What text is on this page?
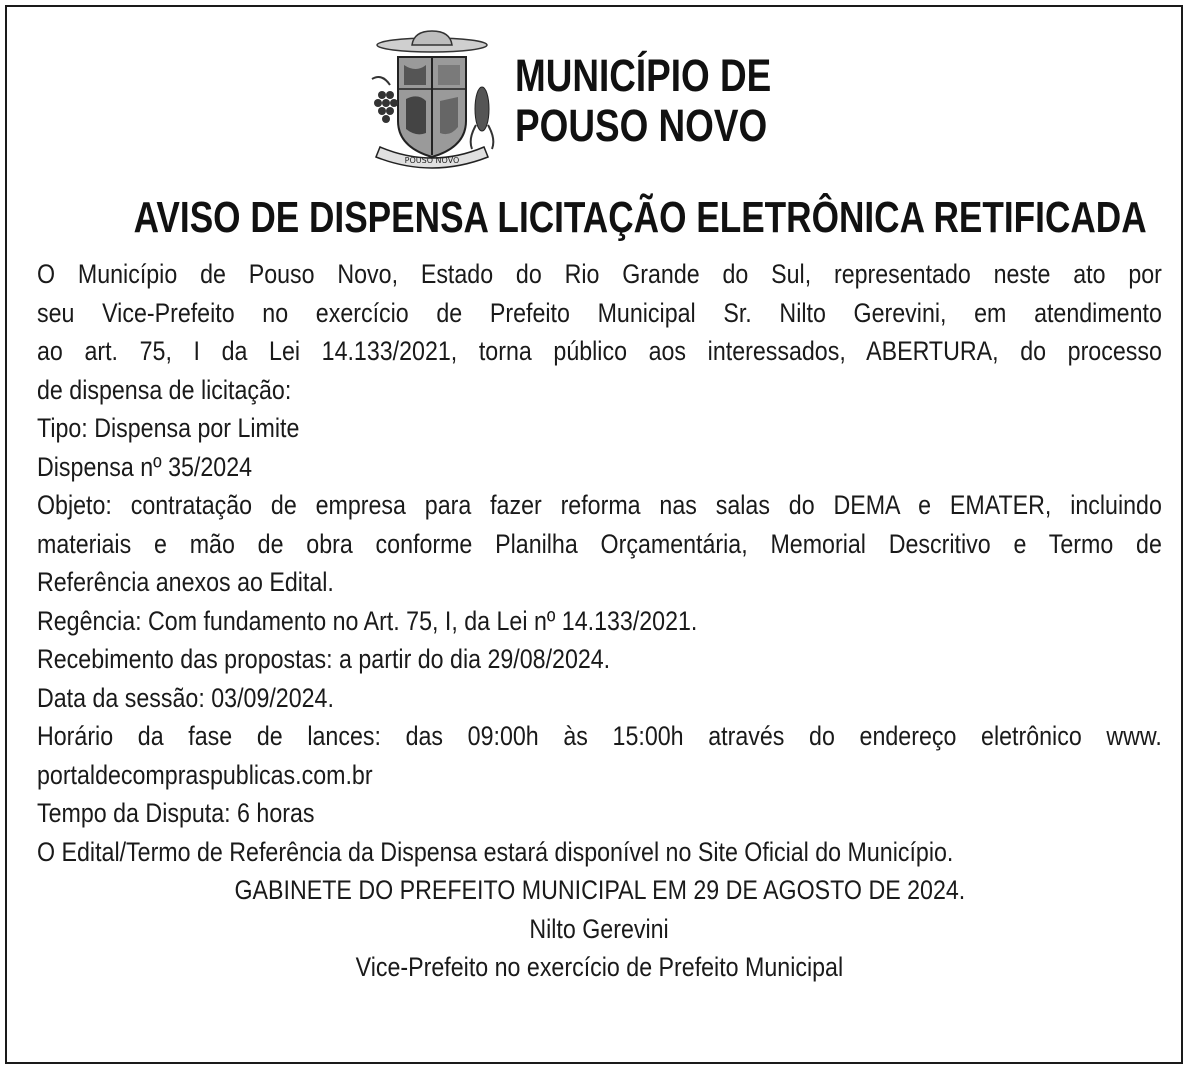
POUSO NOVO
MUNICÍPIO DE
POUSO NOVO
AVISO DE DISPENSA LICITAÇÃO ELETRÔNICA RETIFICADA
O Município de Pouso Novo, Estado do Rio Grande do Sul, representado neste ato por
seu Vice-Prefeito no exercício de Prefeito Municipal Sr. Nilto Gerevini, em atendimento
ao art. 75, I da Lei 14.133/2021, torna público aos interessados, ABERTURA, do processo
de dispensa de licitação:
Tipo: Dispensa por Limite
Dispensa nº 35/2024
Objeto: contratação de empresa para fazer reforma nas salas do DEMA e EMATER, incluindo
materiais e mão de obra conforme Planilha Orçamentária, Memorial Descritivo e Termo de
Referência anexos ao Edital.
Regência: Com fundamento no Art. 75, I, da Lei nº 14.133/2021.
Recebimento das propostas: a partir do dia 29/08/2024.
Data da sessão: 03/09/2024.
Horário da fase de lances: das 09:00h às 15:00h através do endereço eletrônico www.
portaldecompraspublicas.com.br
Tempo da Disputa: 6 horas
O Edital/Termo de Referência da Dispensa estará disponível no Site Oficial do Município.
GABINETE DO PREFEITO MUNICIPAL EM 29 DE AGOSTO DE 2024.
Nilto Gerevini
Vice-Prefeito no exercício de Prefeito Municipal
